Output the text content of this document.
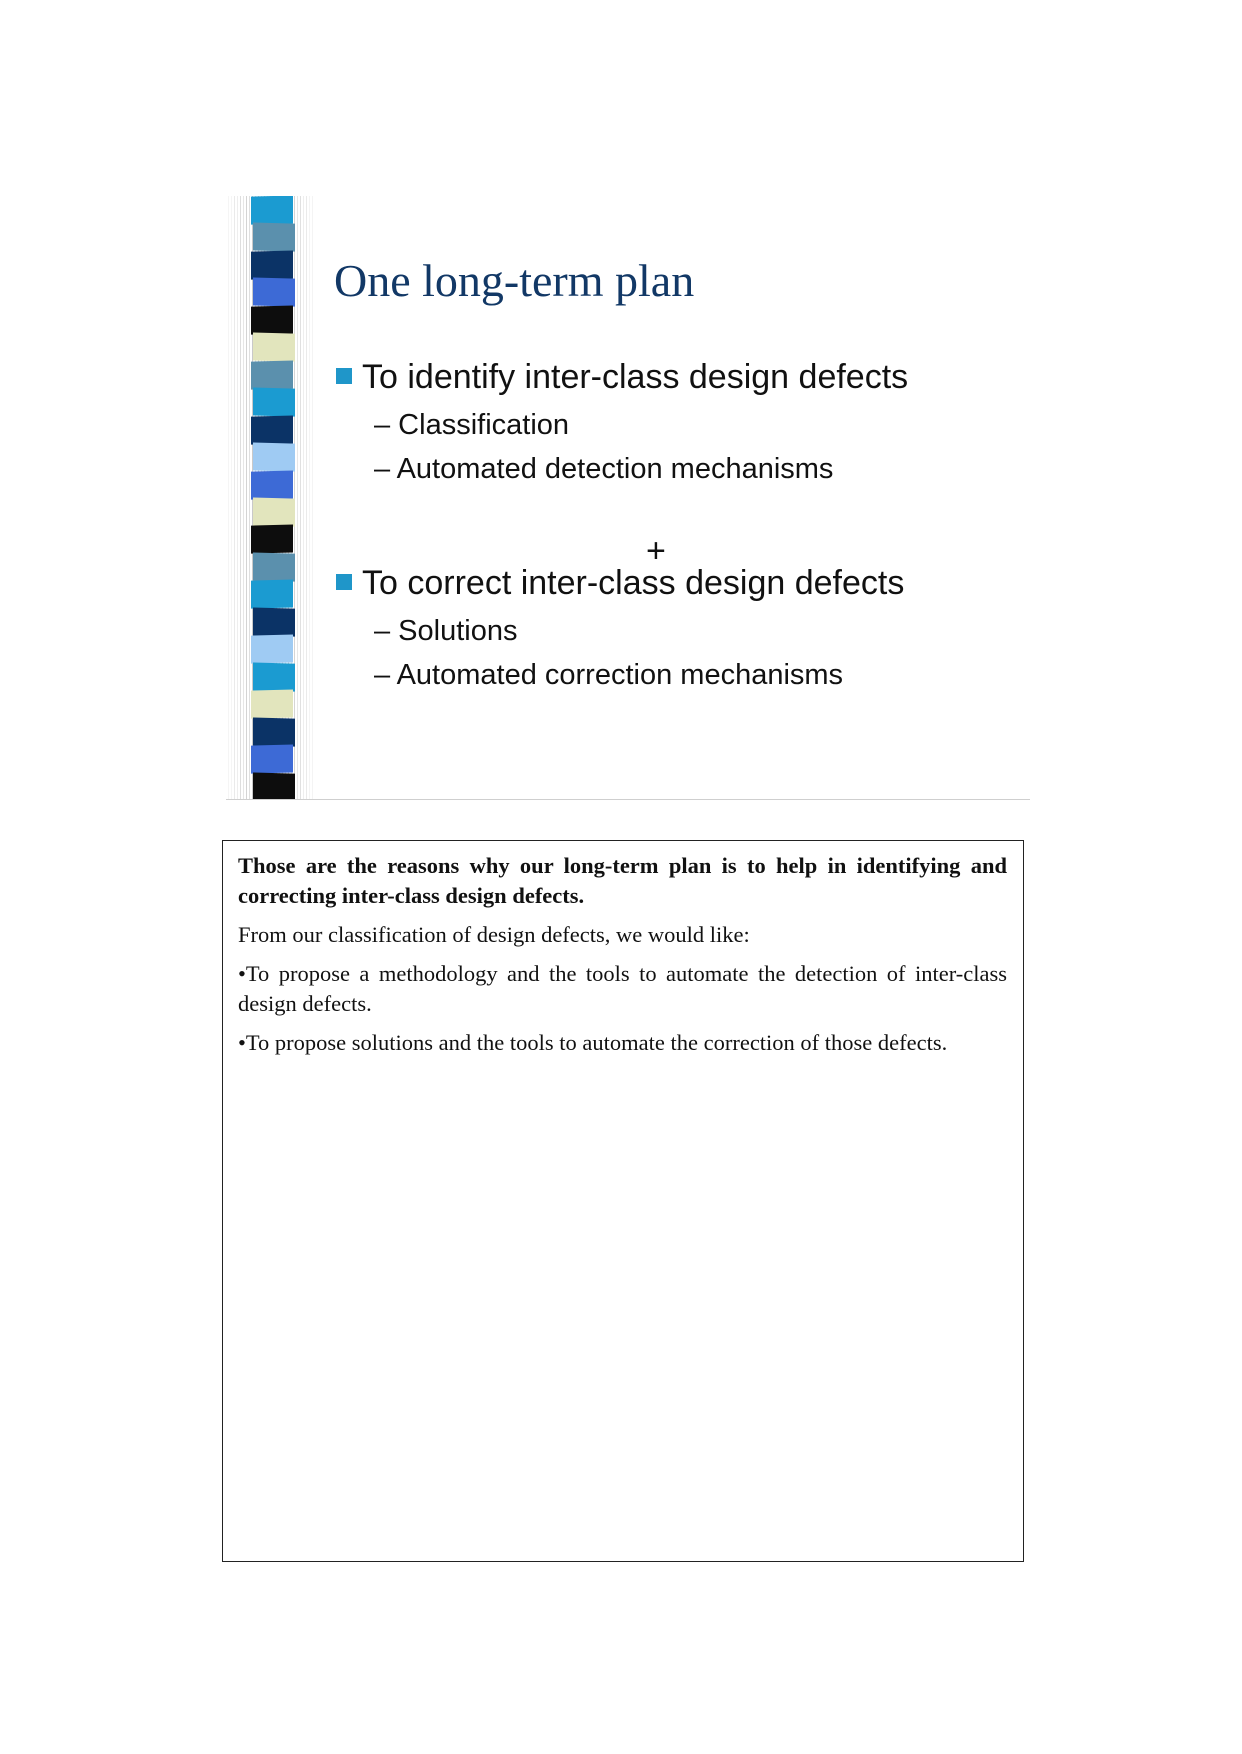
One long-term plan
To identify inter-class design defects
– Classification
– Automated detection mechanisms
+
To correct inter-class design defects
– Solutions
– Automated correction mechanisms

Those are the reasons why our long-term plan is to help in identifying and correcting inter-class design defects.

From our classification of design defects, we would like:

•To propose a methodology and the tools to automate the detection of inter-class design defects.

•To propose solutions and the tools to automate the correction of those defects.
